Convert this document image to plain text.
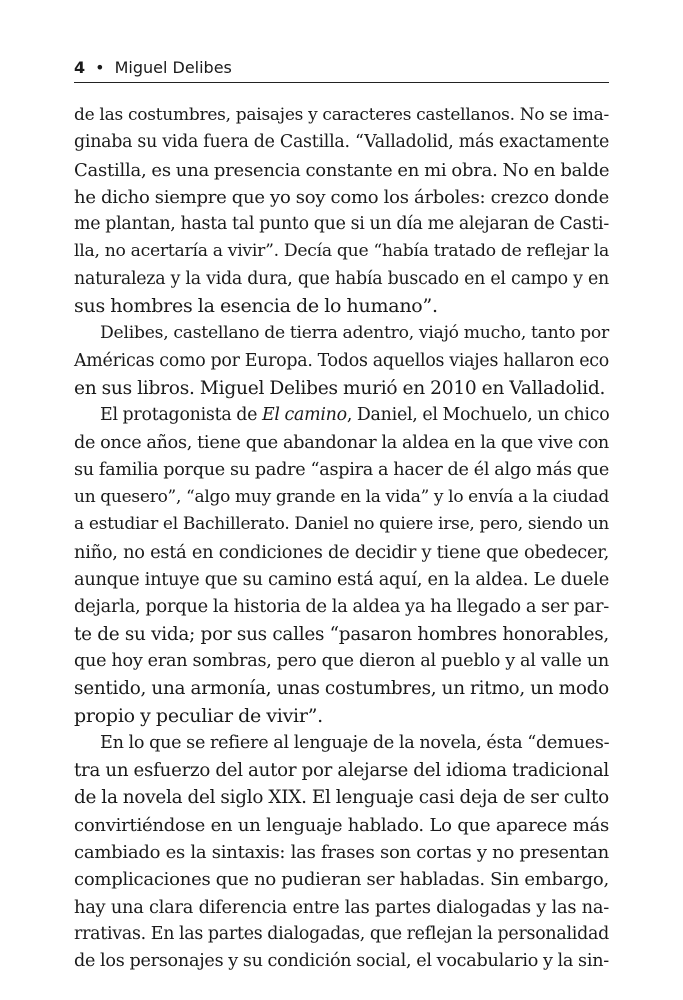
4 • Miguel Delibes
de las costumbres, paisajes y caracteres castellanos. No se ima-
ginaba su vida fuera de Castilla. “Valladolid, más exactamente
Castilla, es una presencia constante en mi obra. No en balde
he dicho siempre que yo soy como los árboles: crezco donde
me plantan, hasta tal punto que si un día me alejaran de Casti-
lla, no acertaría a vivir”. Decía que “había tratado de reflejar la
naturaleza y la vida dura, que había buscado en el campo y en
sus hombres la esencia de lo humano”.
Delibes, castellano de tierra adentro, viajó mucho, tanto por
Américas como por Europa. Todos aquellos viajes hallaron eco
en sus libros. Miguel Delibes murió en 2010 en Valladolid.
El protagonista de El camino, Daniel, el Mochuelo, un chico
de once años, tiene que abandonar la aldea en la que vive con
su familia porque su padre “aspira a hacer de él algo más que
un quesero”, “algo muy grande en la vida” y lo envía a la ciudad
a estudiar el Bachillerato. Daniel no quiere irse, pero, siendo un
niño, no está en condiciones de decidir y tiene que obedecer,
aunque intuye que su camino está aquí, en la aldea. Le duele
dejarla, porque la historia de la aldea ya ha llegado a ser par-
te de su vida; por sus calles “pasaron hombres honorables,
que hoy eran sombras, pero que dieron al pueblo y al valle un
sentido, una armonía, unas costumbres, un ritmo, un modo
propio y peculiar de vivir”.
En lo que se refiere al lenguaje de la novela, ésta “demues-
tra un esfuerzo del autor por alejarse del idioma tradicional
de la novela del siglo XIX. El lenguaje casi deja de ser culto
convirtiéndose en un lenguaje hablado. Lo que aparece más
cambiado es la sintaxis: las frases son cortas y no presentan
complicaciones que no pudieran ser habladas. Sin embargo,
hay una clara diferencia entre las partes dialogadas y las na-
rrativas. En las partes dialogadas, que reflejan la personalidad
de los personajes y su condición social, el vocabulario y la sin-
